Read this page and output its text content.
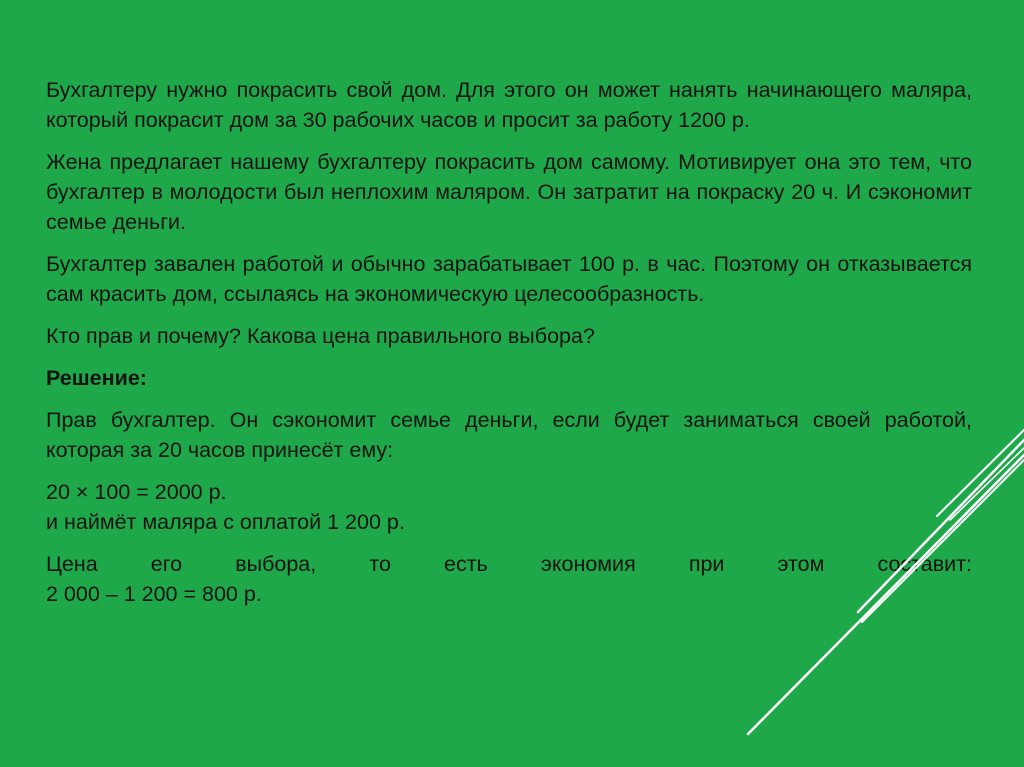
Бухгалтеру нужно покрасить свой дом. Для этого он может нанять начинающего маляра, который покрасит дом за 30 рабочих часов и просит за работу 1200 р.

Жена предлагает нашему бухгалтеру покрасить дом самому. Мотивирует она это тем, что бухгалтер в молодости был неплохим маляром. Он затратит на покраску 20 ч. И сэкономит семье деньги.

Бухгалтер завален работой и обычно зарабатывает 100 р. в час. Поэтому он отказывается сам красить дом, ссылаясь на экономическую целесообразность.

Кто прав и почему? Какова цена правильного выбора?

Решение:

Прав бухгалтер. Он сэкономит семье деньги, если будет заниматься своей работой, которая за 20 часов принесёт ему:

20 × 100 = 2000 р.
и наймёт маляра с оплатой 1 200 р.

Цена его выбора, то есть экономия при этом составит:
2 000 – 1 200 = 800 р.
